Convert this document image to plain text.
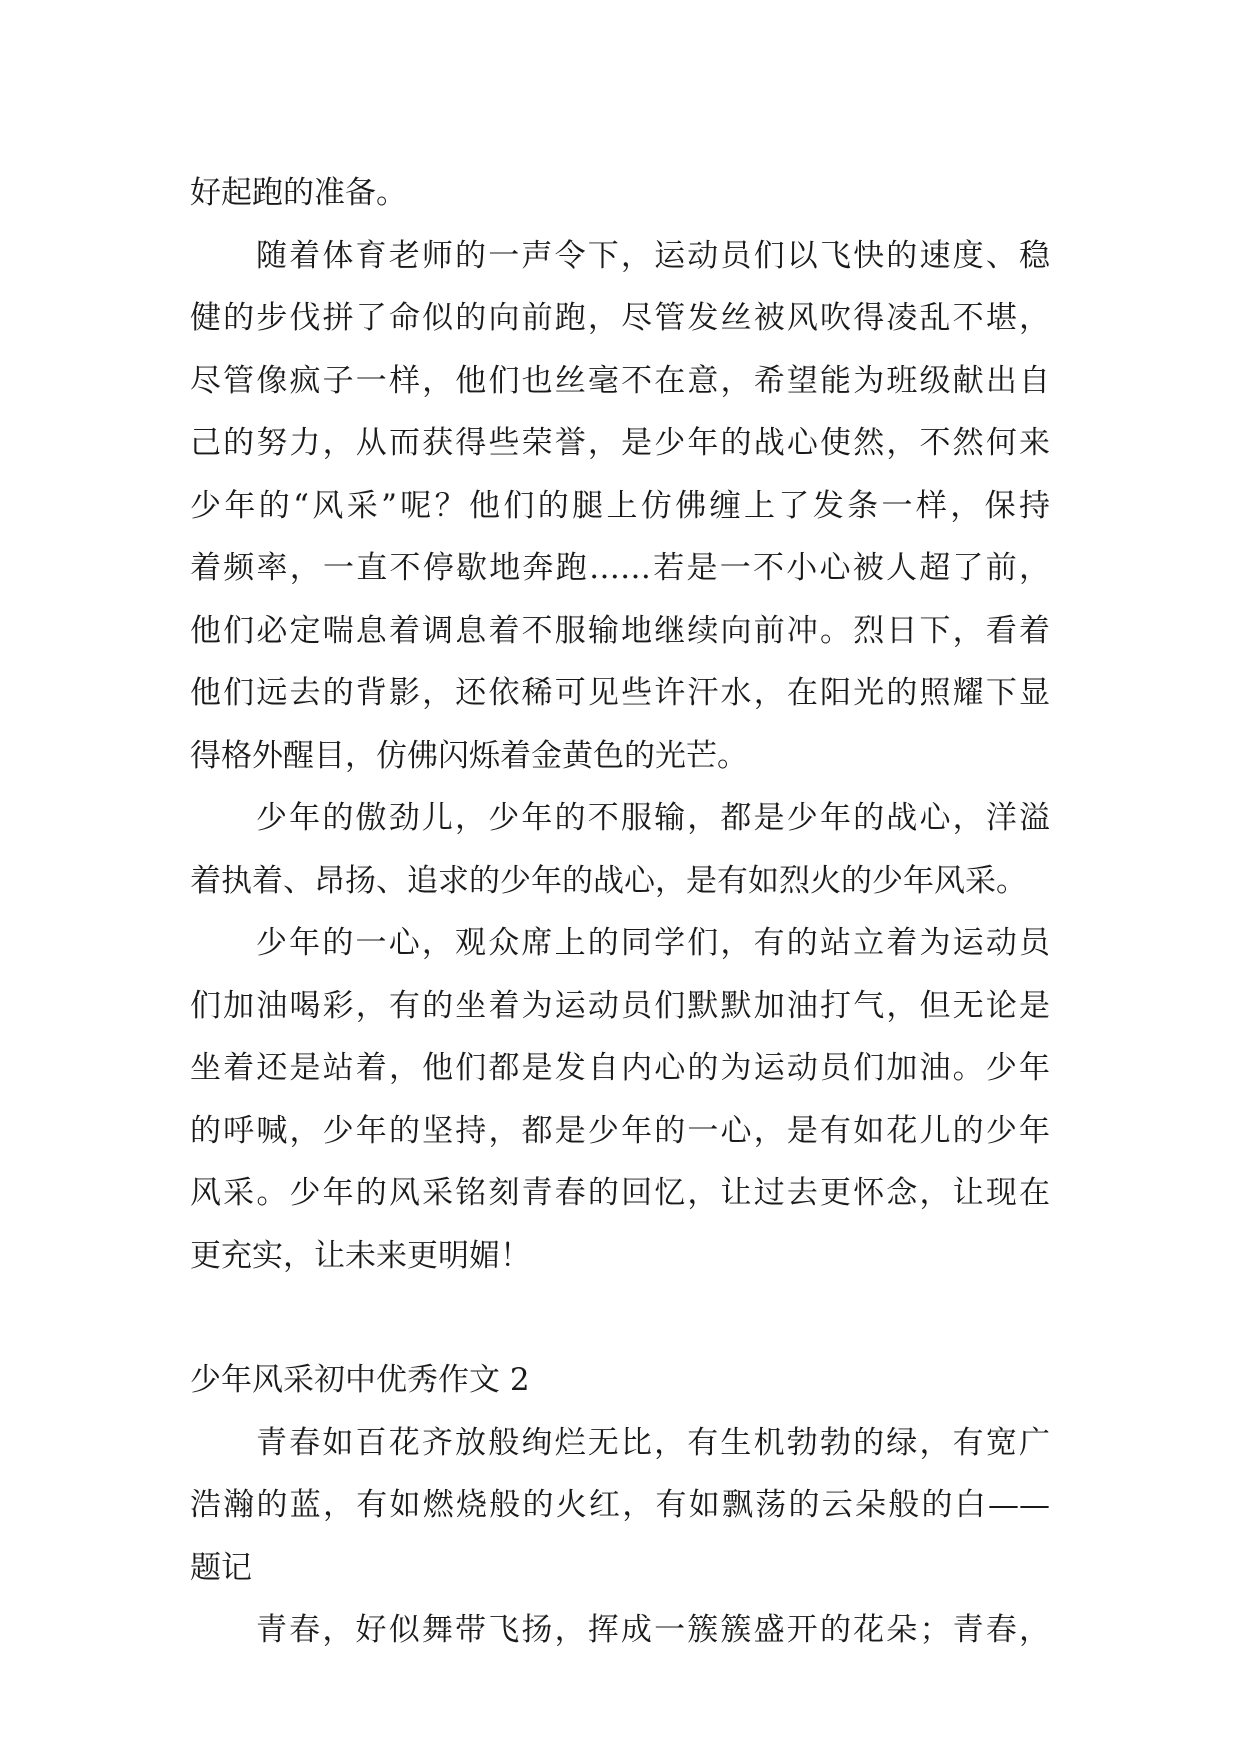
好起跑的准备。
随着体育老师的一声令下，运动员们以飞快的速度、稳
健的步伐拼了命似的向前跑，尽管发丝被风吹得凌乱不堪，
尽管像疯子一样，他们也丝毫不在意，希望能为班级献出自
己的努力，从而获得些荣誉，是少年的战心使然，不然何来
少年的“风采”呢？他们的腿上仿佛缠上了发条一样，保持
着频率，一直不停歇地奔跑……若是一不小心被人超了前，
他们必定喘息着调息着不服输地继续向前冲。烈日下，看着
他们远去的背影，还依稀可见些许汗水，在阳光的照耀下显
得格外醒目，仿佛闪烁着金黄色的光芒。
少年的傲劲儿，少年的不服输，都是少年的战心，洋溢
着执着、昂扬、追求的少年的战心，是有如烈火的少年风采。
少年的一心，观众席上的同学们，有的站立着为运动员
们加油喝彩，有的坐着为运动员们默默加油打气，但无论是
坐着还是站着，他们都是发自内心的为运动员们加油。少年
的呼喊，少年的坚持，都是少年的一心，是有如花儿的少年
风采。少年的风采铭刻青春的回忆，让过去更怀念，让现在
更充实，让未来更明媚！
少年风采初中优秀作文 2
青春如百花齐放般绚烂无比，有生机勃勃的绿，有宽广
浩瀚的蓝，有如燃烧般的火红，有如飘荡的云朵般的白——
题记
青春，好似舞带飞扬，挥成一簇簇盛开的花朵；青春，
